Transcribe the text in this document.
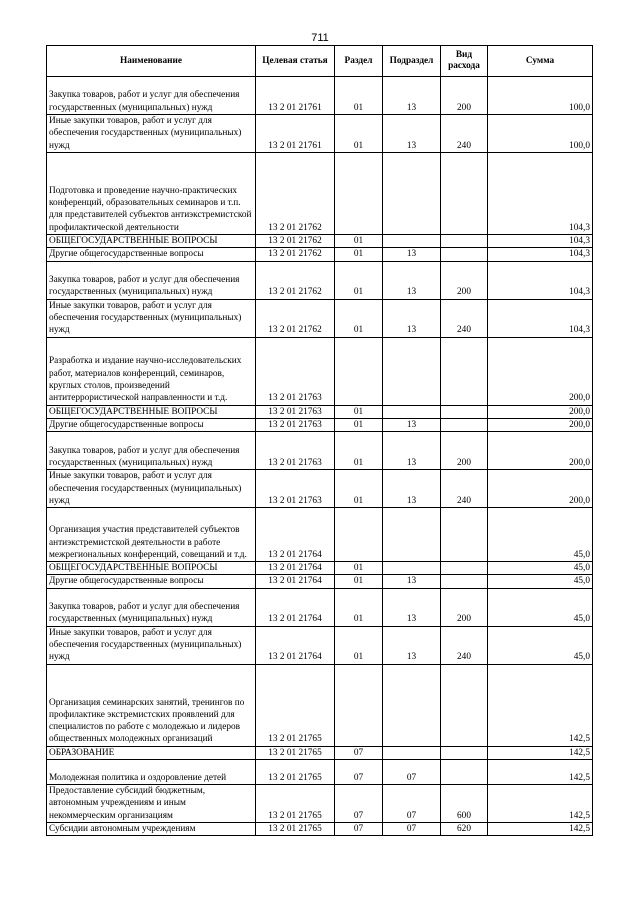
711
Наименование	Целевая статья	Раздел	Подраздел	Вид расхода	Сумма
Закупка товаров, работ и услуг для обеспечения государственных (муниципальных) нужд	13 2 01 21761	01	13	200	100,0
Иные закупки товаров, работ и услуг для обеспечения государственных (муниципальных) нужд	13 2 01 21761	01	13	240	100,0
Подготовка и проведение научно-практических конференций, образовательных семинаров и т.п. для представителей субъектов антиэкстремистской профилактической деятельности	13 2 01 21762				104,3
ОБЩЕГОСУДАРСТВЕННЫЕ ВОПРОСЫ	13 2 01 21762	01			104,3
Другие общегосударственные вопросы	13 2 01 21762	01	13		104,3
Закупка товаров, работ и услуг для обеспечения государственных (муниципальных) нужд	13 2 01 21762	01	13	200	104,3
Иные закупки товаров, работ и услуг для обеспечения государственных (муниципальных) нужд	13 2 01 21762	01	13	240	104,3
Разработка и издание научно-исследовательских работ, материалов конференций, семинаров, круглых столов, произведений антитеррористической направленности и т.д.	13 2 01 21763				200,0
ОБЩЕГОСУДАРСТВЕННЫЕ ВОПРОСЫ	13 2 01 21763	01			200,0
Другие общегосударственные вопросы	13 2 01 21763	01	13		200,0
Закупка товаров, работ и услуг для обеспечения государственных (муниципальных) нужд	13 2 01 21763	01	13	200	200,0
Иные закупки товаров, работ и услуг для обеспечения государственных (муниципальных) нужд	13 2 01 21763	01	13	240	200,0
Организация участия представителей субъектов антиэкстремистской деятельности в работе межрегиональных конференций, совещаний и т.д.	13 2 01 21764				45,0
ОБЩЕГОСУДАРСТВЕННЫЕ ВОПРОСЫ	13 2 01 21764	01			45,0
Другие общегосударственные вопросы	13 2 01 21764	01	13		45,0
Закупка товаров, работ и услуг для обеспечения государственных (муниципальных) нужд	13 2 01 21764	01	13	200	45,0
Иные закупки товаров, работ и услуг для обеспечения государственных (муниципальных) нужд	13 2 01 21764	01	13	240	45,0
Организация семинарских занятий, тренингов по профилактике экстремистских проявлений для специалистов по работе с молодежью и лидеров общественных молодежных организаций	13 2 01 21765				142,5
ОБРАЗОВАНИЕ	13 2 01 21765	07			142,5
Молодежная политика и оздоровление детей	13 2 01 21765	07	07		142,5
Предоставление субсидий бюджетным, автономным учреждениям и иным некоммерческим организациям	13 2 01 21765	07	07	600	142,5
Субсидии автономным учреждениям	13 2 01 21765	07	07	620	142,5
